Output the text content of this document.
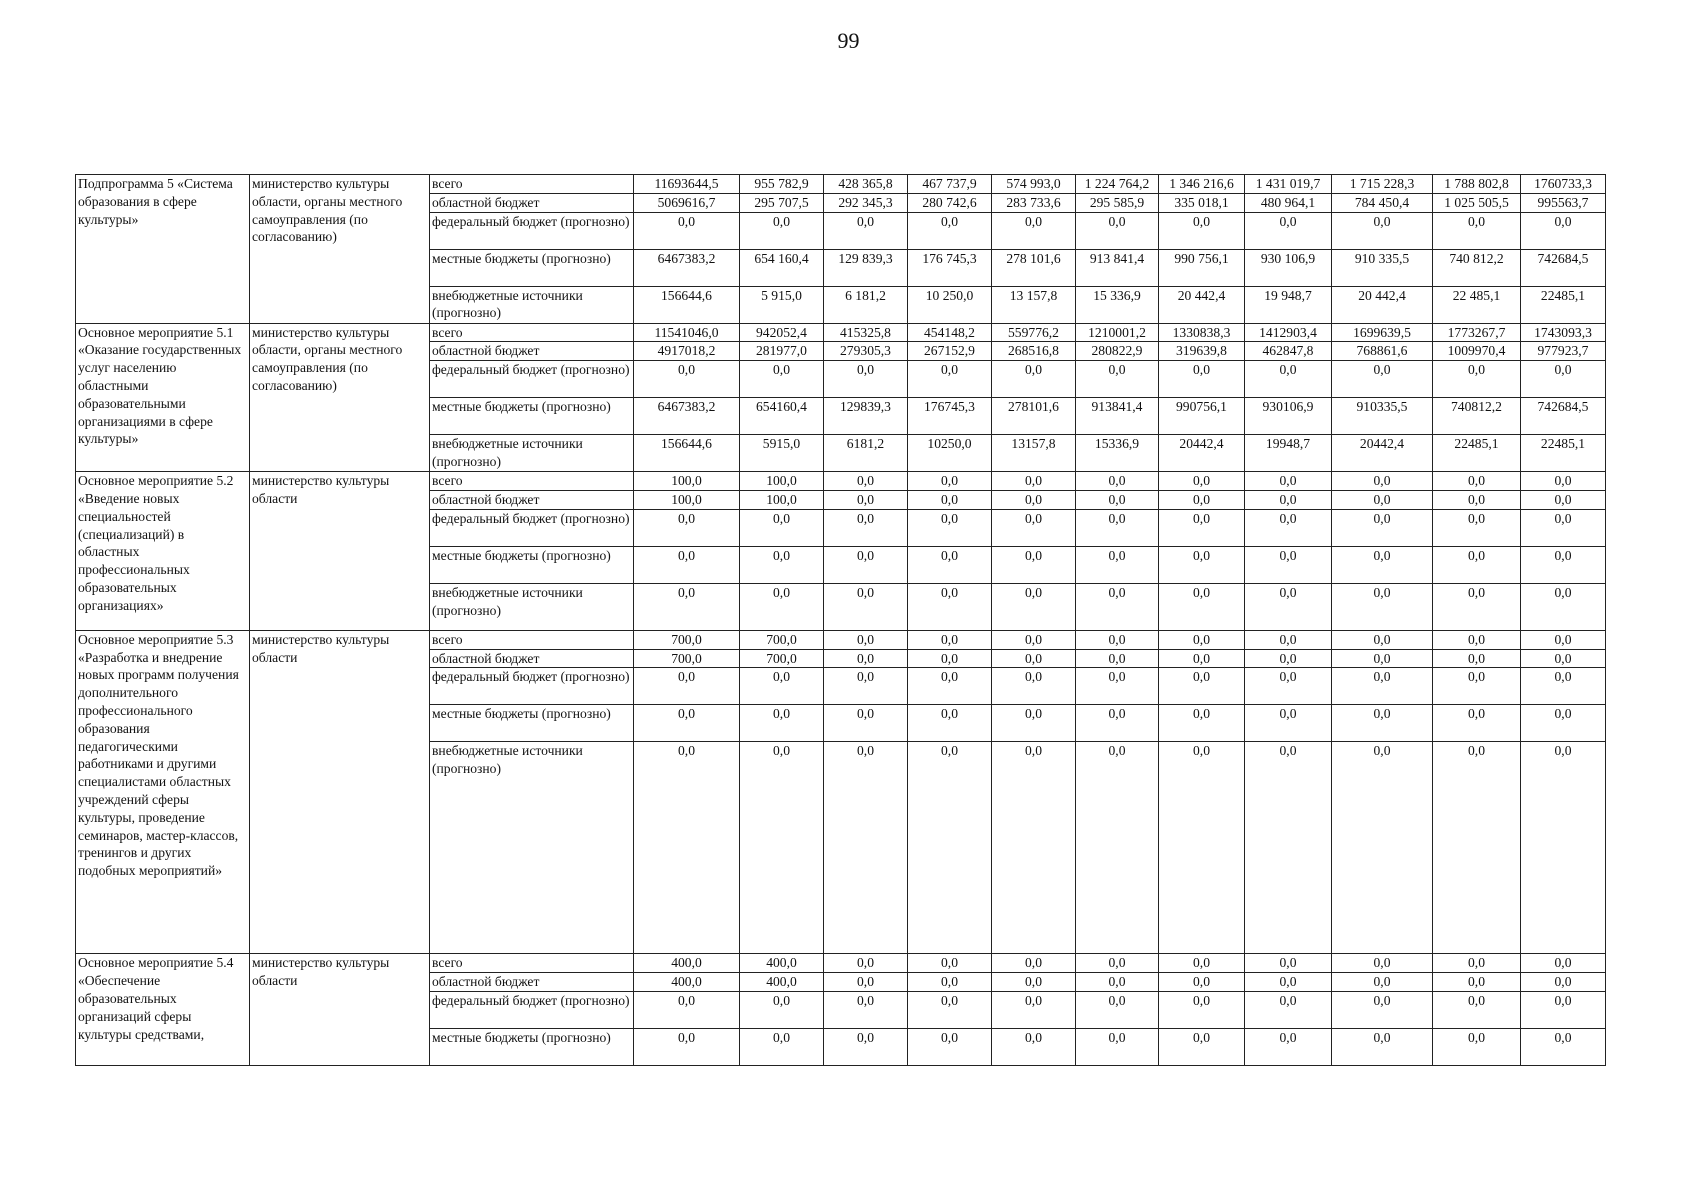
99
Подпрограмма 5 «Система образования в сфере культуры»	министерство культуры области, органы местного самоуправления (по согласованию)	всего	11693644,5	955 782,9	428 365,8	467 737,9	574 993,0	1 224 764,2	1 346 216,6	1 431 019,7	1 715 228,3	1 788 802,8	1760733,3
		областной бюджет	5069616,7	295 707,5	292 345,3	280 742,6	283 733,6	295 585,9	335 018,1	480 964,1	784 450,4	1 025 505,5	995563,7
		федеральный бюджет (прогнозно)	0,0	0,0	0,0	0,0	0,0	0,0	0,0	0,0	0,0	0,0	0,0
		местные бюджеты (прогнозно)	6467383,2	654 160,4	129 839,3	176 745,3	278 101,6	913 841,4	990 756,1	930 106,9	910 335,5	740 812,2	742684,5
		внебюджетные источники (прогнозно)	156644,6	5 915,0	6 181,2	10 250,0	13 157,8	15 336,9	20 442,4	19 948,7	20 442,4	22 485,1	22485,1
Основное мероприятие 5.1 «Оказание государственных услуг населению областными образовательными организациями в сфере культуры»	министерство культуры области, органы местного самоуправления (по согласованию)	всего	11541046,0	942052,4	415325,8	454148,2	559776,2	1210001,2	1330838,3	1412903,4	1699639,5	1773267,7	1743093,3
		областной бюджет	4917018,2	281977,0	279305,3	267152,9	268516,8	280822,9	319639,8	462847,8	768861,6	1009970,4	977923,7
		федеральный бюджет (прогнозно)	0,0	0,0	0,0	0,0	0,0	0,0	0,0	0,0	0,0	0,0	0,0
		местные бюджеты (прогнозно)	6467383,2	654160,4	129839,3	176745,3	278101,6	913841,4	990756,1	930106,9	910335,5	740812,2	742684,5
		внебюджетные источники (прогнозно)	156644,6	5915,0	6181,2	10250,0	13157,8	15336,9	20442,4	19948,7	20442,4	22485,1	22485,1
Основное мероприятие 5.2 «Введение новых специальностей (специализаций) в областных профессиональных образовательных организациях»	министерство культуры области	всего	100,0	100,0	0,0	0,0	0,0	0,0	0,0	0,0	0,0	0,0	0,0
		областной бюджет	100,0	100,0	0,0	0,0	0,0	0,0	0,0	0,0	0,0	0,0	0,0
		федеральный бюджет (прогнозно)	0,0	0,0	0,0	0,0	0,0	0,0	0,0	0,0	0,0	0,0	0,0
		местные бюджеты (прогнозно)	0,0	0,0	0,0	0,0	0,0	0,0	0,0	0,0	0,0	0,0	0,0
		внебюджетные источники (прогнозно)	0,0	0,0	0,0	0,0	0,0	0,0	0,0	0,0	0,0	0,0	0,0
Основное мероприятие 5.3 «Разработка и внедрение новых программ получения дополнительного профессионального образования педагогическими работниками и другими специалистами областных учреждений сферы культуры, проведение семинаров, мастер-классов, тренингов и других подобных мероприятий»	министерство культуры области	всего	700,0	700,0	0,0	0,0	0,0	0,0	0,0	0,0	0,0	0,0	0,0
		областной бюджет	700,0	700,0	0,0	0,0	0,0	0,0	0,0	0,0	0,0	0,0	0,0
		федеральный бюджет (прогнозно)	0,0	0,0	0,0	0,0	0,0	0,0	0,0	0,0	0,0	0,0	0,0
		местные бюджеты (прогнозно)	0,0	0,0	0,0	0,0	0,0	0,0	0,0	0,0	0,0	0,0	0,0
		внебюджетные источники (прогнозно)	0,0	0,0	0,0	0,0	0,0	0,0	0,0	0,0	0,0	0,0	0,0
Основное мероприятие 5.4 «Обеспечение образовательных организаций сферы культуры средствами,	министерство культуры области	всего	400,0	400,0	0,0	0,0	0,0	0,0	0,0	0,0	0,0	0,0	0,0
		областной бюджет	400,0	400,0	0,0	0,0	0,0	0,0	0,0	0,0	0,0	0,0	0,0
		федеральный бюджет (прогнозно)	0,0	0,0	0,0	0,0	0,0	0,0	0,0	0,0	0,0	0,0	0,0
		местные бюджеты (прогнозно)	0,0	0,0	0,0	0,0	0,0	0,0	0,0	0,0	0,0	0,0	0,0
